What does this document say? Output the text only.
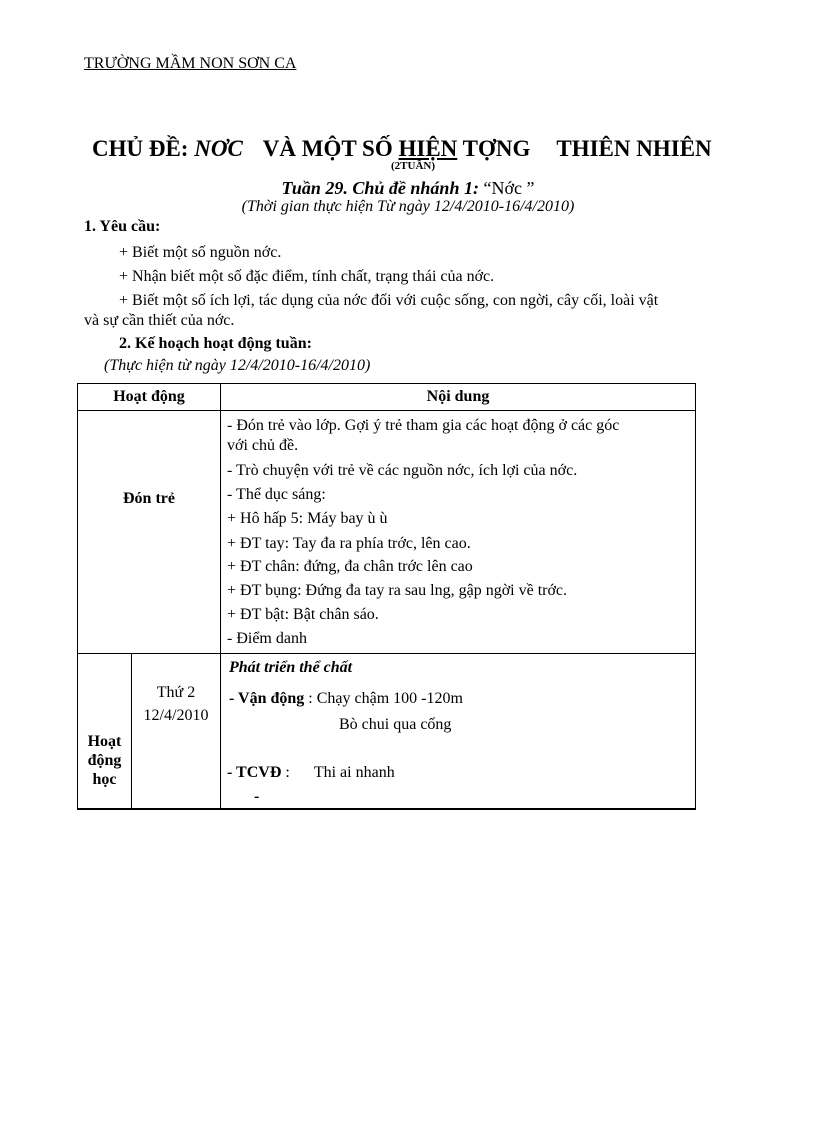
TRƯỜNG MẦM NON SƠN CA
CHỦ ĐỀ: NƠC VÀ MỘT SỐ HIỆN TỢNG THIÊN NHIÊN
(2TUẦN)
Tuần 29. Chủ đề nhánh 1: “Nớc ”
(Thời gian thực hiện Từ ngày 12/4/2010-16/4/2010)
1. Yêu cầu:
+ Biết một số nguồn nớc.
+ Nhận biết một số đặc điểm, tính chất, trạng thái của nớc.
+ Biết một số ích lợi, tác dụng của nớc đối với cuộc sống, con ngời, cây cối, loài vật
và sự cần thiết của nớc.
2. Kế hoạch hoạt động tuần:
(Thực hiện từ ngày 12/4/2010-16/4/2010)
Hoạt động	Nội dung
Đón trẻ
- Đón trẻ vào lớp. Gợi ý trẻ tham gia các hoạt động ở các góc
với chủ đề.
- Trò chuyện với trẻ về các nguồn nớc, ích lợi của nớc.
- Thể dục sáng:
+ Hô hấp 5: Máy bay ù ù
+ ĐT tay: Tay đa ra phía trớc, lên cao.
+ ĐT chân: đứng, đa chân trớc lên cao
+ ĐT bụng: Đứng đa tay ra sau lng, gập ngời về trớc.
+ ĐT bật: Bật chân sáo.
- Điểm danh
Hoạt
động
học
Thứ 2
12/4/2010
Phát triển thể chất
- Vận động : Chạy chậm 100 -120m
Bò chui qua cống
- TCVĐ : Thi ai nhanh
-
